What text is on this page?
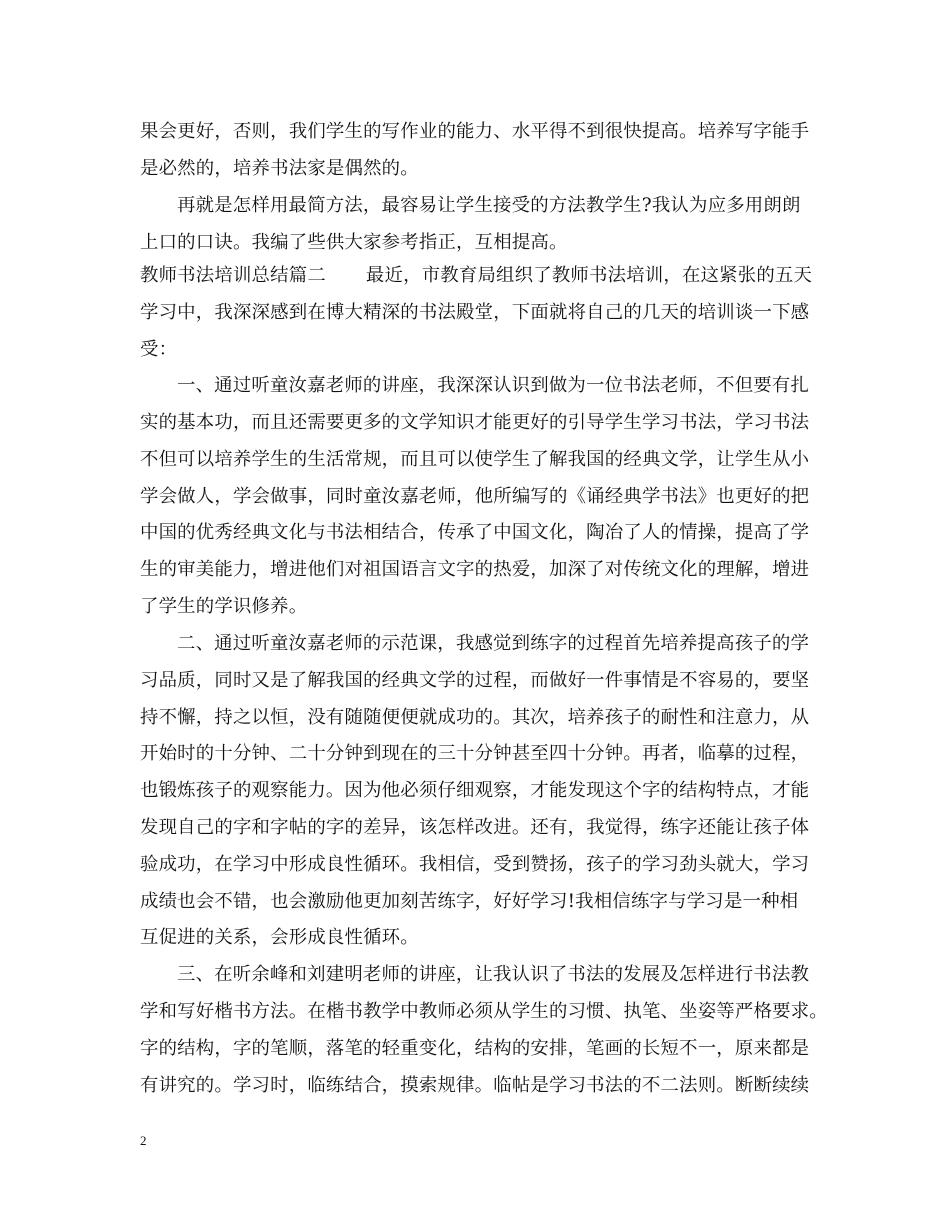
果会更好，否则，我们学生的写作业的能力、水平得不到很快提高。培养写字能手
是必然的，培养书法家是偶然的。
再就是怎样用最简方法，最容易让学生接受的方法教学生?我认为应多用朗朗
上口的口诀。我编了些供大家参考指正，互相提高。
教师书法培训总结篇二 最近，市教育局组织了教师书法培训，在这紧张的五天
学习中，我深深感到在博大精深的书法殿堂，下面就将自己的几天的培训谈一下感
受：
一、通过听童汝嘉老师的讲座，我深深认识到做为一位书法老师，不但要有扎
实的基本功，而且还需要更多的文学知识才能更好的引导学生学习书法，学习书法
不但可以培养学生的生活常规，而且可以使学生了解我国的经典文学，让学生从小
学会做人，学会做事，同时童汝嘉老师，他所编写的《诵经典学书法》也更好的把
中国的优秀经典文化与书法相结合，传承了中国文化，陶冶了人的情操，提高了学
生的审美能力，增进他们对祖国语言文字的热爱，加深了对传统文化的理解，增进
了学生的学识修养。
二、通过听童汝嘉老师的示范课，我感觉到练字的过程首先培养提高孩子的学
习品质，同时又是了解我国的经典文学的过程，而做好一件事情是不容易的，要坚
持不懈，持之以恒，没有随随便便就成功的。其次，培养孩子的耐性和注意力，从
开始时的十分钟、二十分钟到现在的三十分钟甚至四十分钟。再者，临摹的过程，
也锻炼孩子的观察能力。因为他必须仔细观察，才能发现这个字的结构特点，才能
发现自己的字和字帖的字的差异，该怎样改进。还有，我觉得，练字还能让孩子体
验成功，在学习中形成良性循环。我相信，受到赞扬，孩子的学习劲头就大，学习
成绩也会不错，也会激励他更加刻苦练字，好好学习!我相信练字与学习是一种相
互促进的关系，会形成良性循环。
三、在听余峰和刘建明老师的讲座，让我认识了书法的发展及怎样进行书法教
学和写好楷书方法。在楷书教学中教师必须从学生的习惯、执笔、坐姿等严格要求。
字的结构，字的笔顺，落笔的轻重变化，结构的安排，笔画的长短不一，原来都是
有讲究的。学习时，临练结合，摸索规律。临帖是学习书法的不二法则。断断续续
2
